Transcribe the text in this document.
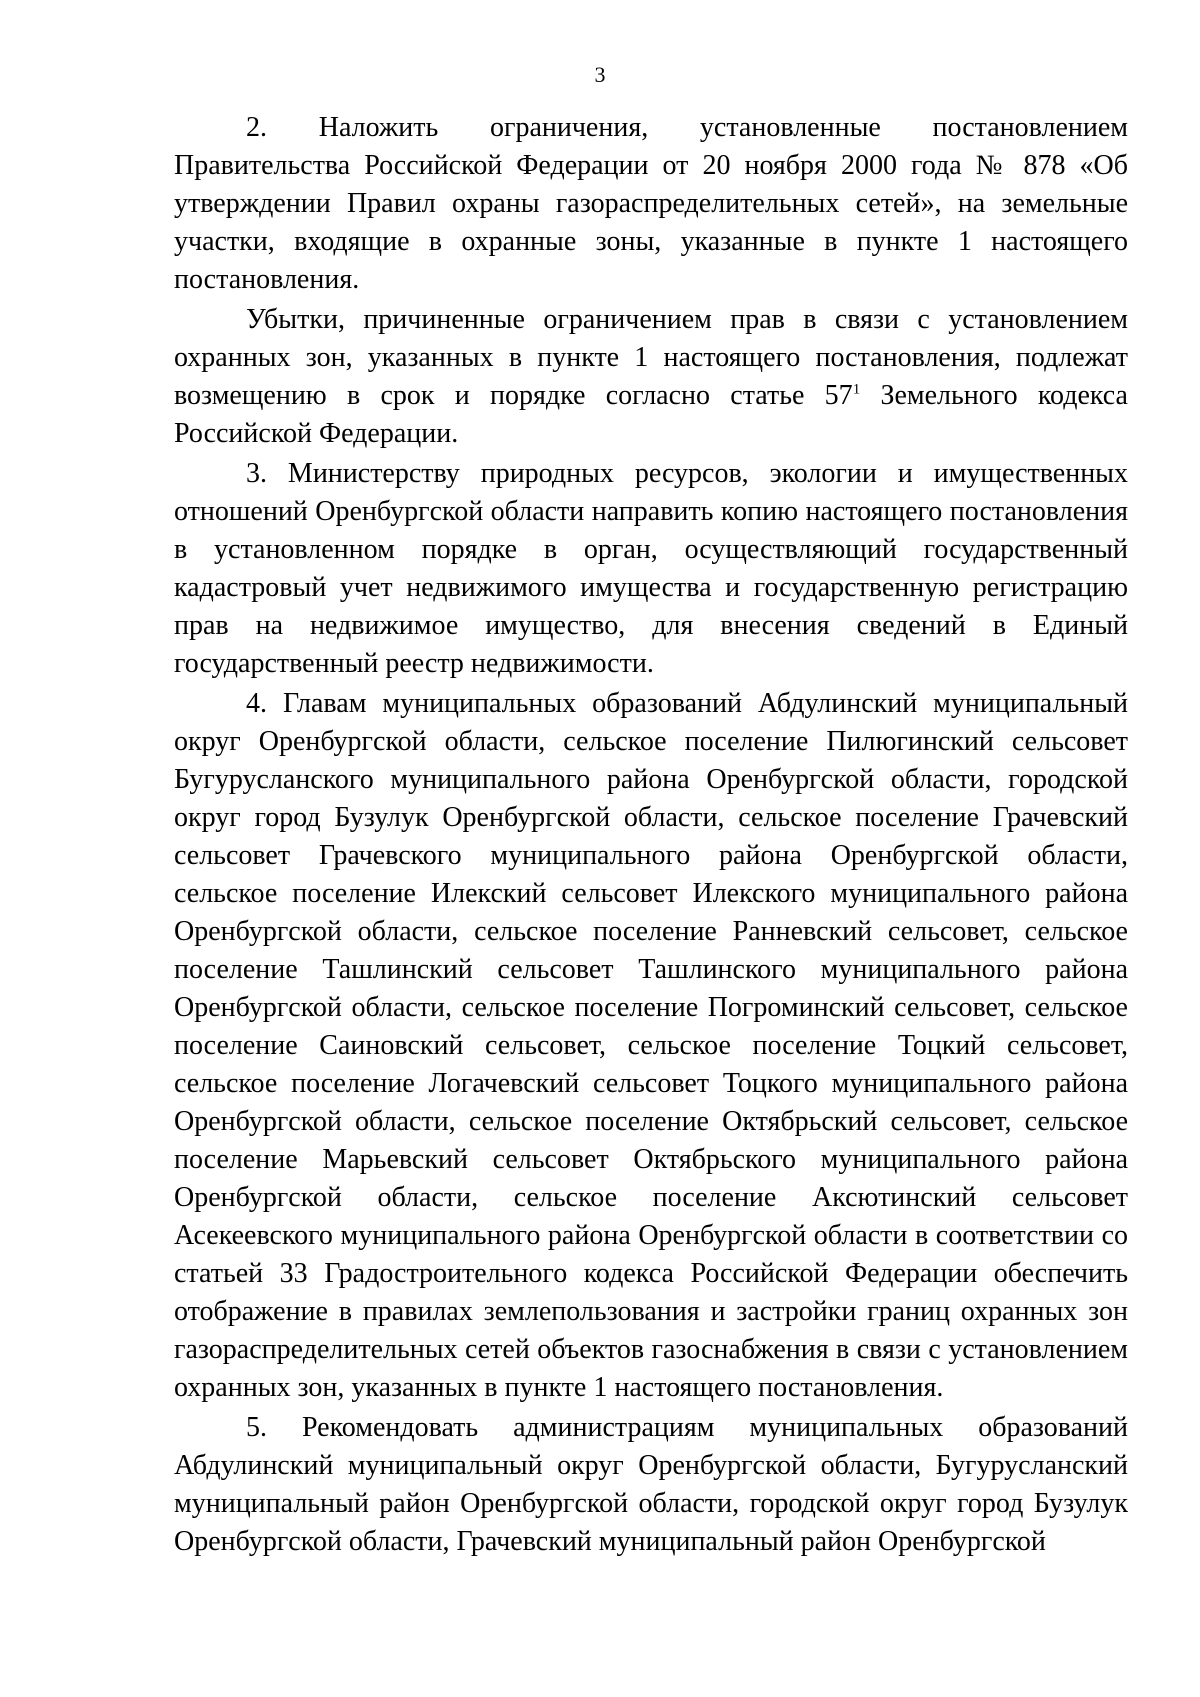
3

2. Наложить ограничения, установленные постановлением Правительства Российской Федерации от 20 ноября 2000 года № 878 «Об утверждении Правил охраны газораспределительных сетей», на земельные участки, входящие в охранные зоны, указанные в пункте 1 настоящего постановления.

Убытки, причиненные ограничением прав в связи с установлением охранных зон, указанных в пункте 1 настоящего постановления, подлежат возмещению в срок и порядке согласно статье $57^1$ Земельного кодекса Российской Федерации.

3. Министерству природных ресурсов, экологии и имущественных отношений Оренбургской области направить копию настоящего постановления в установленном порядке в орган, осуществляющий государственный кадастровый учет недвижимого имущества и государственную регистрацию прав на недвижимое имущество, для внесения сведений в Единый государственный реестр недвижимости.

4. Главам муниципальных образований Абдулинский муниципальный округ Оренбургской области, сельское поселение Пилюгинский сельсовет Бугурусланского муниципального района Оренбургской области, городской округ город Бузулук Оренбургской области, сельское поселение Грачевский сельсовет Грачевского муниципального района Оренбургской области, сельское поселение Илекский сельсовет Илекского муниципального района Оренбургской области, сельское поселение Ранневский сельсовет, сельское поселение Ташлинский сельсовет Ташлинского муниципального района Оренбургской области, сельское поселение Погроминский сельсовет, сельское поселение Саиновский сельсовет, сельское поселение Тоцкий сельсовет, сельское поселение Логачевский сельсовет Тоцкого муниципального района Оренбургской области, сельское поселение Октябрьский сельсовет, сельское поселение Марьевский сельсовет Октябрьского муниципального района Оренбургской области, сельское поселение Аксютинский сельсовет Асекеевского муниципального района Оренбургской области в соответствии со статьей 33 Градостроительного кодекса Российской Федерации обеспечить отображение в правилах землепользования и застройки границ охранных зон газораспределительных сетей объектов газоснабжения в связи с установлением охранных зон, указанных в пункте 1 настоящего постановления.

5. Рекомендовать администрациям муниципальных образований Абдулинский муниципальный округ Оренбургской области, Бугурусланский муниципальный район Оренбургской области, городской округ город Бузулук Оренбургской области, Грачевский муниципальный район Оренбургской
